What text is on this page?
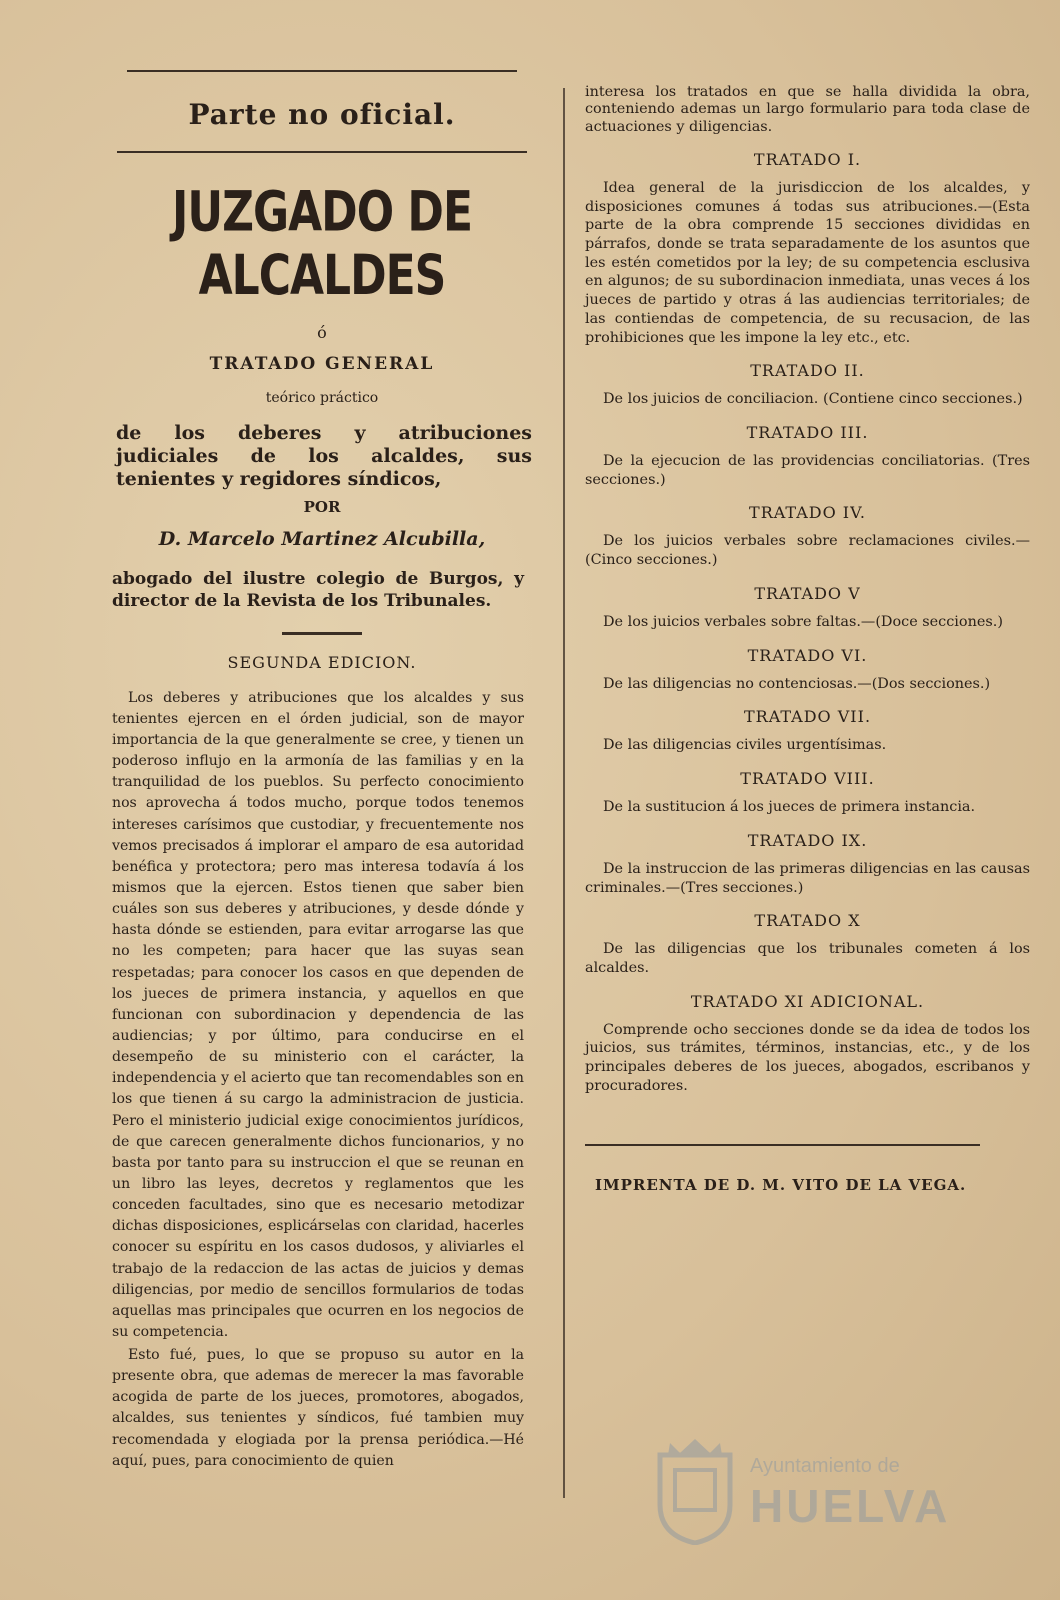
Parte no oficial.
JUZGADO DE ALCALDES
ó
TRATADO GENERAL
teórico práctico
de los deberes y atribuciones judiciales de los alcaldes, sus tenientes y regidores síndicos,
POR
D. Marcelo Martinez Alcubilla,
abogado del ilustre colegio de Burgos, y director de la Revista de los Tribunales.
SEGUNDA EDICION.

Los deberes y atribuciones que los alcaldes y sus tenientes ejercen en el órden judicial, son de mayor importancia de la que generalmente se cree, y tienen un poderoso influjo en la armonía de las familias y en la tranquilidad de los pueblos. Su perfecto conocimiento nos aprovecha á todos mucho, porque todos tenemos intereses carísimos que custodiar, y frecuentemente nos vemos precisados á implorar el amparo de esa autoridad benéfica y protectora; pero mas interesa todavía á los mismos que la ejercen. Estos tienen que saber bien cuáles son sus deberes y atribuciones, y desde dónde y hasta dónde se estienden, para evitar arrogarse las que no les competen; para hacer que las suyas sean respetadas; para conocer los casos en que dependen de los jueces de primera instancia, y aquellos en que funcionan con subordinacion y dependencia de las audiencias; y por último, para conducirse en el desempeño de su ministerio con el carácter, la independencia y el acierto que tan recomendables son en los que tienen á su cargo la administracion de justicia. Pero el ministerio judicial exige conocimientos jurídicos, de que carecen generalmente dichos funcionarios, y no basta por tanto para su instruccion el que se reunan en un libro las leyes, decretos y reglamentos que les conceden facultades, sino que es necesario metodizar dichas disposiciones, esplicárselas con claridad, hacerles conocer su espíritu en los casos dudosos, y aliviarles el trabajo de la redaccion de las actas de juicios y demas diligencias, por medio de sencillos formularios de todas aquellas mas principales que ocurren en los negocios de su competencia.

Esto fué, pues, lo que se propuso su autor en la presente obra, que ademas de merecer la mas favorable acogida de parte de los jueces, promotores, abogados, alcaldes, sus tenientes y síndicos, fué tambien muy recomendada y elogiada por la prensa periódica.—Hé aquí, pues, para conocimiento de quien

interesa los tratados en que se halla dividida la obra, conteniendo ademas un largo formulario para toda clase de actuaciones y diligencias.

TRATADO I.

Idea general de la jurisdiccion de los alcaldes, y disposiciones comunes á todas sus atribuciones.—(Esta parte de la obra comprende 15 secciones divididas en párrafos, donde se trata separadamente de los asuntos que les estén cometidos por la ley; de su competencia esclusiva en algunos; de su subordinacion inmediata, unas veces á los jueces de partido y otras á las audiencias territoriales; de las contiendas de competencia, de su recusacion, de las prohibiciones que les impone la ley etc., etc.

TRATADO II.

De los juicios de conciliacion. (Contiene cinco secciones.)

TRATADO III.

De la ejecucion de las providencias conciliatorias. (Tres secciones.)

TRATADO IV.

De los juicios verbales sobre reclamaciones civiles.—(Cinco secciones.)

TRATADO V

De los juicios verbales sobre faltas.—(Doce secciones.)

TRATADO VI.

De las diligencias no contenciosas.—(Dos secciones.)

TRATADO VII.

De las diligencias civiles urgentísimas.

TRATADO VIII.

De la sustitucion á los jueces de primera instancia.

TRATADO IX.

De la instruccion de las primeras diligencias en las causas criminales.—(Tres secciones.)

TRATADO X

De las diligencias que los tribunales cometen á los alcaldes.

TRATADO XI ADICIONAL.

Comprende ocho secciones donde se da idea de todos los juicios, sus trámites, términos, instancias, etc., y de los principales deberes de los jueces, abogados, escribanos y procuradores.

IMPRENTA DE D. M. VITO DE LA VEGA.
Ayuntamiento de
HUELVA
